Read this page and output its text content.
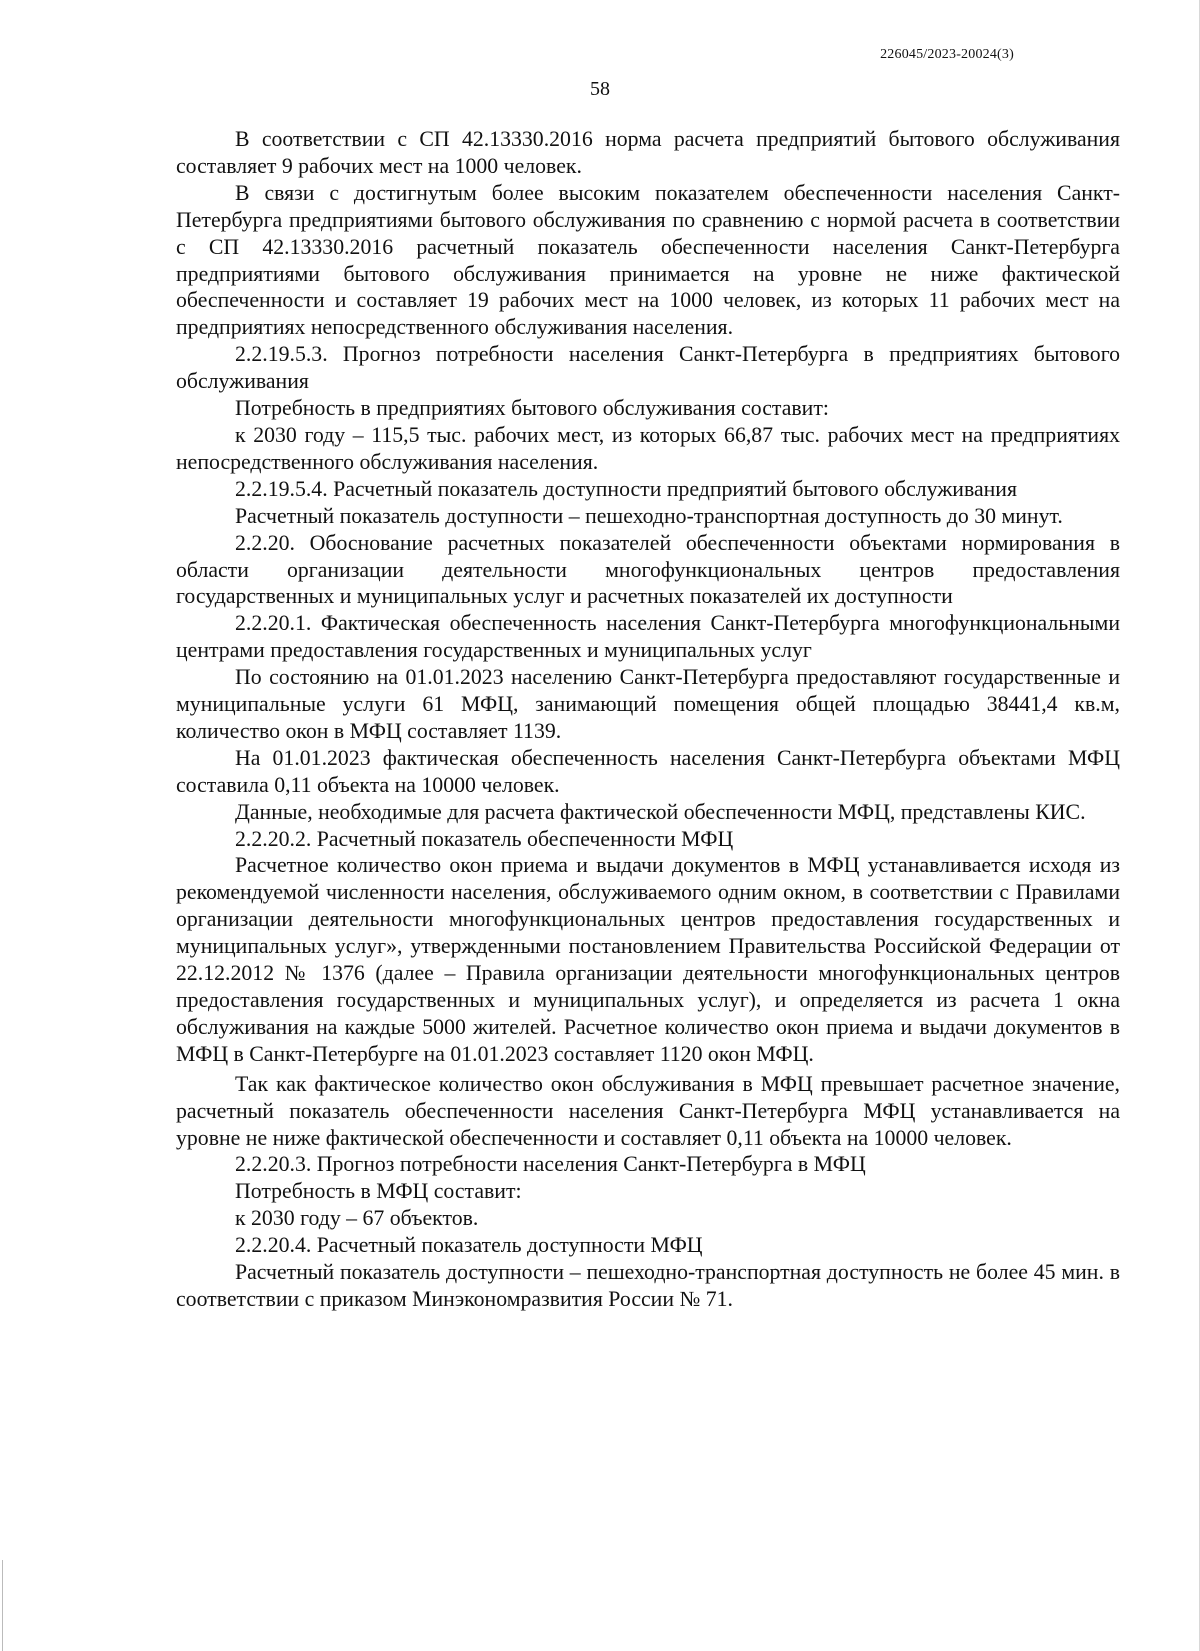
226045/2023-20024(3)
58

В соответствии с СП 42.13330.2016 норма расчета предприятий бытового обслуживания составляет 9 рабочих мест на 1000 человек.

В связи с достигнутым более высоким показателем обеспеченности населения Санкт-Петербурга предприятиями бытового обслуживания по сравнению с нормой расчета в соответствии с СП 42.13330.2016 расчетный показатель обеспеченности населения Санкт-Петербурга предприятиями бытового обслуживания принимается на уровне не ниже фактической обеспеченности и составляет 19 рабочих мест на 1000 человек, из которых 11 рабочих мест на предприятиях непосредственного обслуживания населения.

2.2.19.5.3. Прогноз потребности населения Санкт-Петербурга в предприятиях бытового обслуживания

Потребность в предприятиях бытового обслуживания составит:

к 2030 году – 115,5 тыс. рабочих мест, из которых 66,87 тыс. рабочих мест на предприятиях непосредственного обслуживания населения.

2.2.19.5.4. Расчетный показатель доступности предприятий бытового обслуживания

Расчетный показатель доступности – пешеходно-транспортная доступность до 30 минут.

2.2.20. Обоснование расчетных показателей обеспеченности объектами нормирования в области организации деятельности многофункциональных центров предоставления государственных и муниципальных услуг и расчетных показателей их доступности

2.2.20.1. Фактическая обеспеченность населения Санкт-Петербурга многофункциональными центрами предоставления государственных и муниципальных услуг

По состоянию на 01.01.2023 населению Санкт-Петербурга предоставляют государственные и муниципальные услуги 61 МФЦ, занимающий помещения общей площадью 38441,4 кв.м, количество окон в МФЦ составляет 1139.

На 01.01.2023 фактическая обеспеченность населения Санкт-Петербурга объектами МФЦ составила 0,11 объекта на 10000 человек.

Данные, необходимые для расчета фактической обеспеченности МФЦ, представлены КИС.

2.2.20.2. Расчетный показатель обеспеченности МФЦ

Расчетное количество окон приема и выдачи документов в МФЦ устанавливается исходя из рекомендуемой численности населения, обслуживаемого одним окном, в соответствии с Правилами организации деятельности многофункциональных центров предоставления государственных и муниципальных услуг», утвержденными постановлением Правительства Российской Федерации от 22.12.2012 № 1376 (далее – Правила организации деятельности многофункциональных центров предоставления государственных и муниципальных услуг), и определяется из расчета 1 окна обслуживания на каждые 5000 жителей. Расчетное количество окон приема и выдачи документов в МФЦ в Санкт-Петербурге на 01.01.2023 составляет 1120 окон МФЦ.

Так как фактическое количество окон обслуживания в МФЦ превышает расчетное значение, расчетный показатель обеспеченности населения Санкт-Петербурга МФЦ устанавливается на уровне не ниже фактической обеспеченности и составляет 0,11 объекта на 10000 человек.

2.2.20.3. Прогноз потребности населения Санкт-Петербурга в МФЦ

Потребность в МФЦ составит:

к 2030 году – 67 объектов.

2.2.20.4. Расчетный показатель доступности МФЦ

Расчетный показатель доступности – пешеходно-транспортная доступность не более 45 мин. в соответствии с приказом Минэкономразвития России № 71.
